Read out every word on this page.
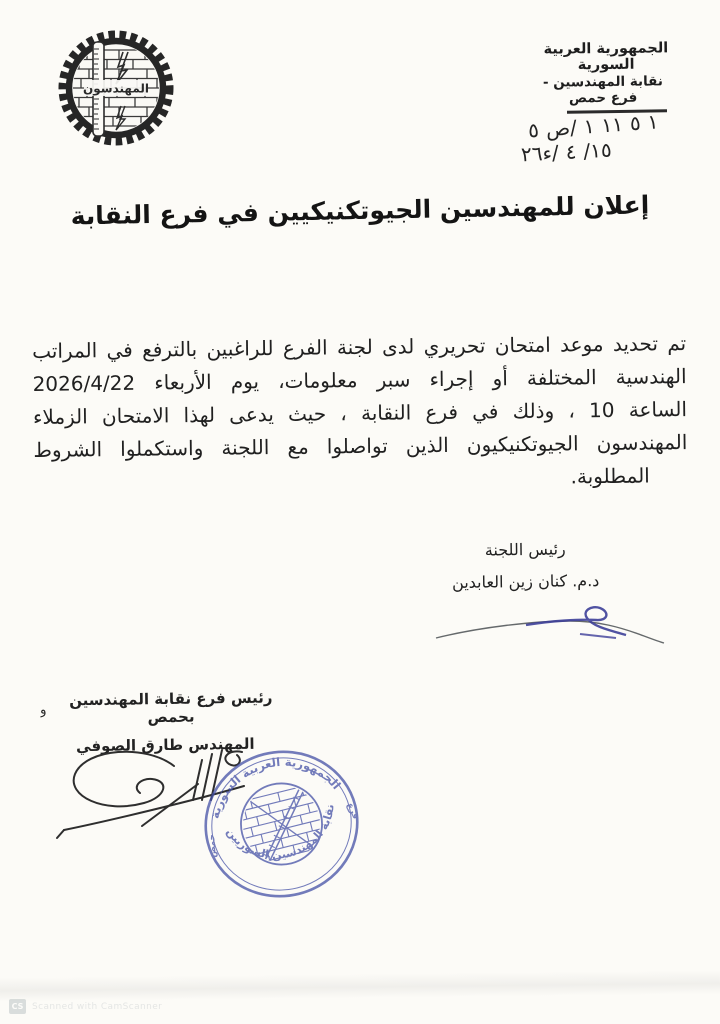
المهندسون
الجمهورية العربية السورية
نقابة المهندسين - فرع حمص
٥ ص/ ١ ١١ ٥ ١
ء٢٦/ ٤ /١٥
إعلان للمهندسين الجيوتكنيكيين في فرع النقابة
تم تحديد موعد امتحان تحريري لدى لجنة الفرع للراغبين بالترفع في المراتب
الهندسية المختلفة أو إجراء سبر معلومات، يوم الأربعاء 2026/4/22
الساعة 10 ، وذلك في فرع النقابة ، حيث يدعى لهذا الامتحان الزملاء
المهندسون الجيوتكنيكيون الذين تواصلوا مع اللجنة واستكملوا الشروط
المطلوبة.
رئيس اللجنة
د.م. كنان زين العابدين
و
رئيس فرع نقابة المهندسين بحمص
المهندس طارق الصوفي
الجمهورية العربية السورية
نقابة المهندسين السوريين فرع
حمص
CS Scanned with CamScanner
